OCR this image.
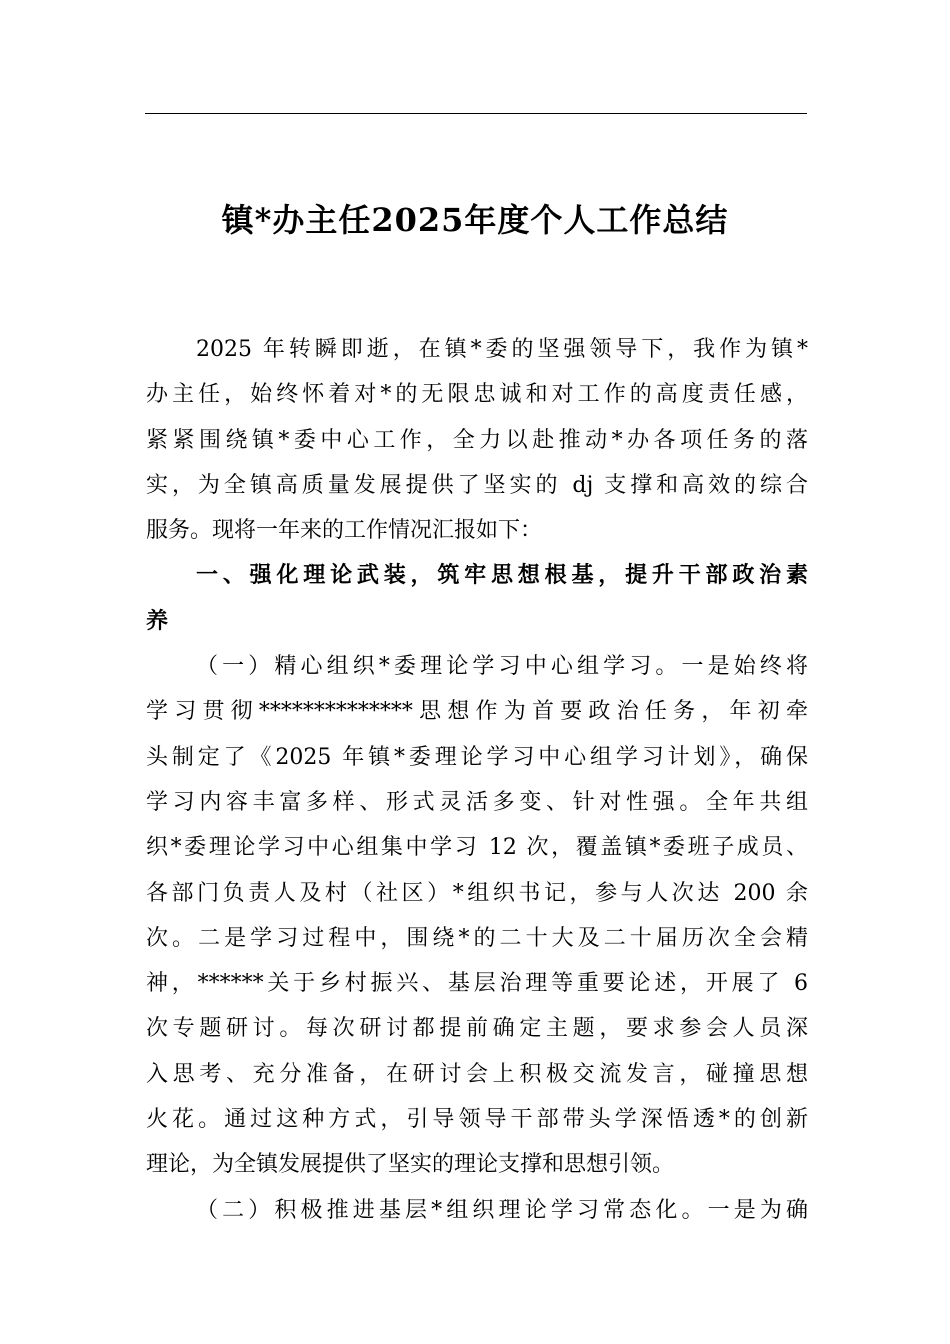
镇*办主任2025年度个人工作总结
2025 年转瞬即逝，在镇*委的坚强领导下，我作为镇*
办主任，始终怀着对*的无限忠诚和对工作的高度责任感，
紧紧围绕镇*委中心工作，全力以赴推动*办各项任务的落
实，为全镇高质量发展提供了坚实的 dj 支撑和高效的综合
服务。现将一年来的工作情况汇报如下：
一、强化理论武装，筑牢思想根基，提升干部政治素
养
（一）精心组织*委理论学习中心组学习。一是始终将
学习贯彻**************思想作为首要政治任务，年初牵
头制定了《2025 年镇*委理论学习中心组学习计划》，确保
学习内容丰富多样、形式灵活多变、针对性强。全年共组
织*委理论学习中心组集中学习 12 次，覆盖镇*委班子成员、
各部门负责人及村（社区）*组织书记，参与人次达 200 余
次。二是学习过程中，围绕*的二十大及二十届历次全会精
神，******关于乡村振兴、基层治理等重要论述，开展了 6
次专题研讨。每次研讨都提前确定主题，要求参会人员深
入思考、充分准备，在研讨会上积极交流发言，碰撞思想
火花。通过这种方式，引导领导干部带头学深悟透*的创新
理论，为全镇发展提供了坚实的理论支撑和思想引领。
（二）积极推进基层*组织理论学习常态化。一是为确
